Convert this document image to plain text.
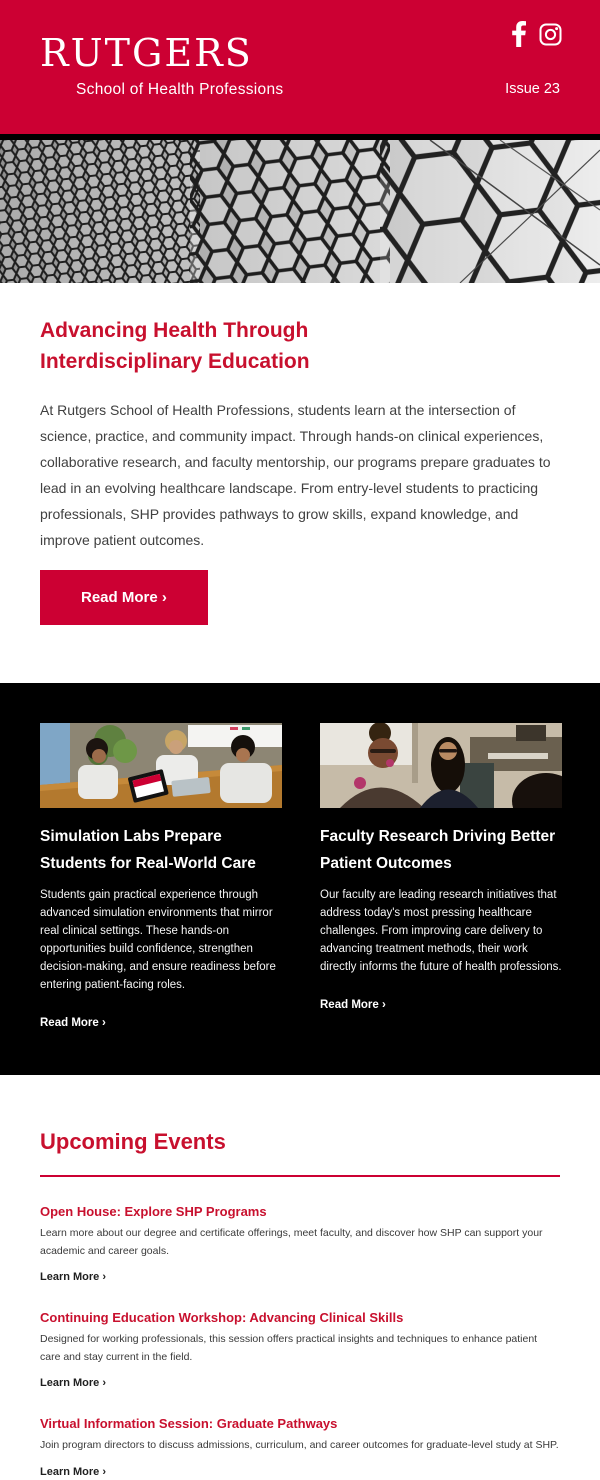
RUTGERS
School of Health Professions	Issue 23
Advancing Health Through Interdisciplinary Education

At Rutgers School of Health Professions, students learn at the intersection of science, practice, and community impact. Through hands-on clinical experiences, collaborative research, and faculty mentorship, our programs prepare graduates to lead in an evolving healthcare landscape. From entry-level students to practicing professionals, SHP provides pathways to grow skills, expand knowledge, and improve patient outcomes.

Read More ›
Simulation Labs Prepare Students for Real-World Care

Students gain practical experience through advanced simulation environments that mirror real clinical settings. These hands-on opportunities build confidence, strengthen decision-making, and ensure readiness before entering patient-facing roles.

Read More ›
Faculty Research Driving Better Patient Outcomes

Our faculty are leading research initiatives that address today's most pressing healthcare challenges. From improving care delivery to advancing treatment methods, their work directly informs the future of health professions.

Read More ›
Upcoming Events
Open House: Explore SHP Programs

Learn more about our degree and certificate offerings, meet faculty, and discover how SHP can support your academic and career goals.

Learn More ›
Continuing Education Workshop: Advancing Clinical Skills

Designed for working professionals, this session offers practical insights and techniques to enhance patient care and stay current in the field.

Learn More ›
Virtual Information Session: Graduate Pathways

Join program directors to discuss admissions, curriculum, and career outcomes for graduate-level study at SHP.

Learn More ›
